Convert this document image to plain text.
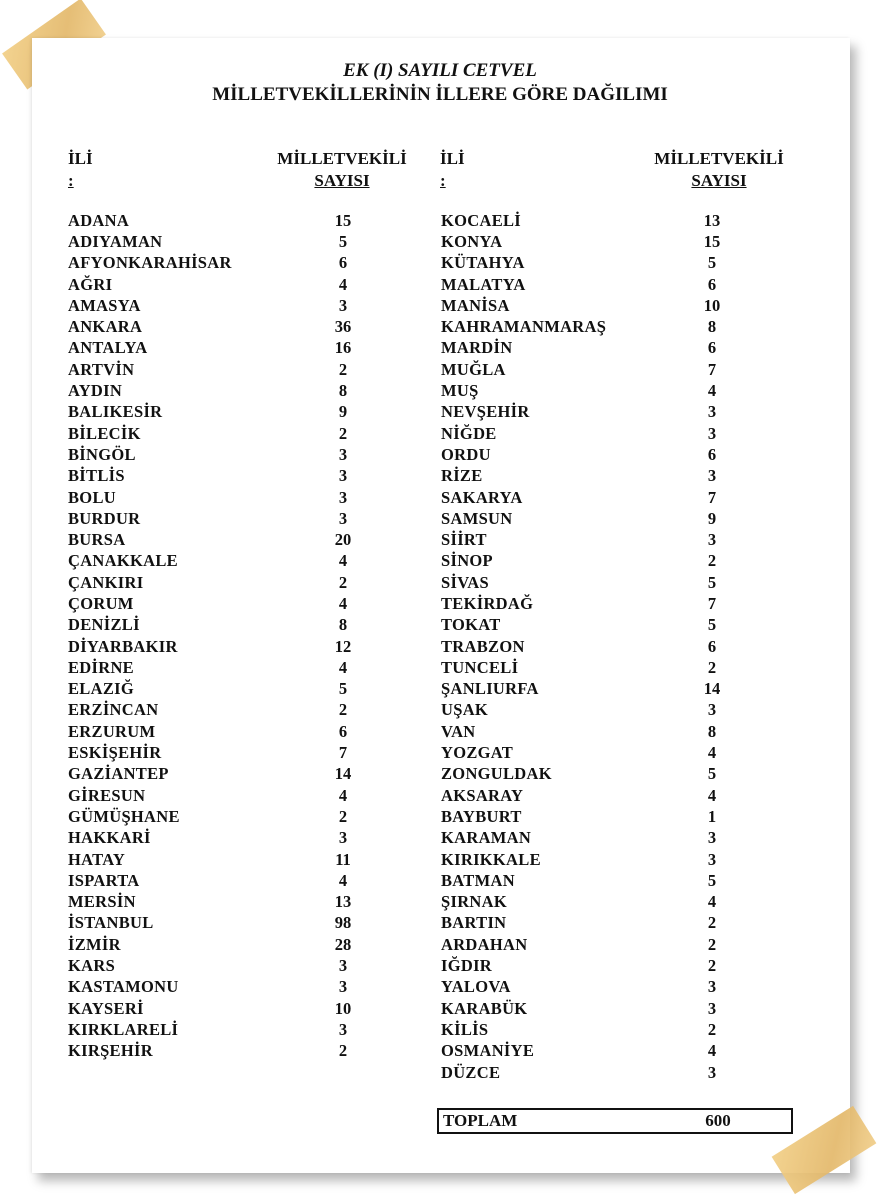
EK (I) SAYILI CETVEL
MİLLETVEKİLLERİNİN İLLERE GÖRE DAĞILIMI
İLİ
:
MİLLETVEKİLİ
SAYISI
İLİ
:
MİLLETVEKİLİ
SAYISI
ADANA	15
ADIYAMAN	5
AFYONKARAHİSAR	6
AĞRI	4
AMASYA	3
ANKARA	36
ANTALYA	16
ARTVİN	2
AYDIN	8
BALIKESİR	9
BİLECİK	2
BİNGÖL	3
BİTLİS	3
BOLU	3
BURDUR	3
BURSA	20
ÇANAKKALE	4
ÇANKIRI	2
ÇORUM	4
DENİZLİ	8
DİYARBAKIR	12
EDİRNE	4
ELAZIĞ	5
ERZİNCAN	2
ERZURUM	6
ESKİŞEHİR	7
GAZİANTEP	14
GİRESUN	4
GÜMÜŞHANE	2
HAKKARİ	3
HATAY	11
ISPARTA	4
MERSİN	13
İSTANBUL	98
İZMİR	28
KARS	3
KASTAMONU	3
KAYSERİ	10
KIRKLARELİ	3
KIRŞEHİR	2
KOCAELİ	13
KONYA	15
KÜTAHYA	5
MALATYA	6
MANİSA	10
KAHRAMANMARAŞ	8
MARDİN	6
MUĞLA	7
MUŞ	4
NEVŞEHİR	3
NİĞDE	3
ORDU	6
RİZE	3
SAKARYA	7
SAMSUN	9
SİİRT	3
SİNOP	2
SİVAS	5
TEKİRDAĞ	7
TOKAT	5
TRABZON	6
TUNCELİ	2
ŞANLIURFA	14
UŞAK	3
VAN	8
YOZGAT	4
ZONGULDAK	5
AKSARAY	4
BAYBURT	1
KARAMAN	3
KIRIKKALE	3
BATMAN	5
ŞIRNAK	4
BARTIN	2
ARDAHAN	2
IĞDIR	2
YALOVA	3
KARABÜK	3
KİLİS	2
OSMANİYE	4
DÜZCE	3
TOPLAM	600
